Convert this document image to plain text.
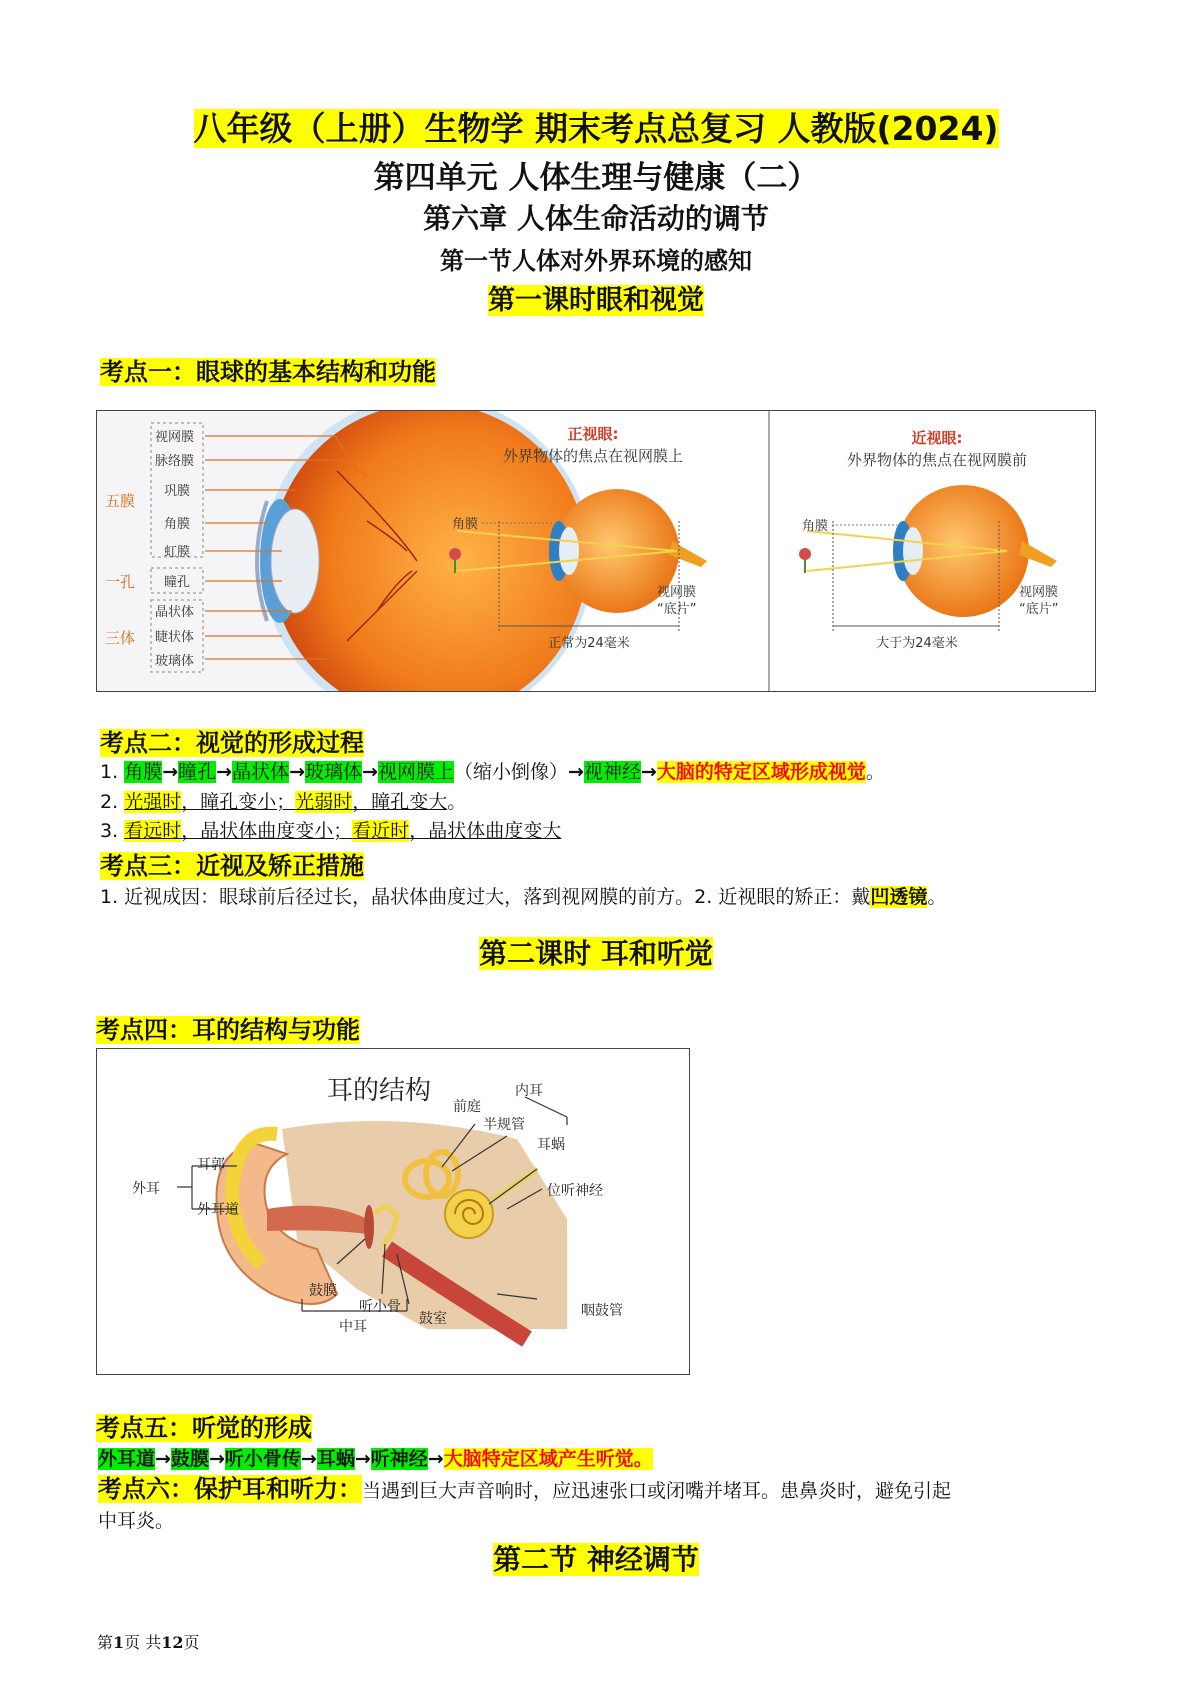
八年级（上册）生物学 期末考点总复习 人教版(2024)
第四单元 人体生理与健康（二）
第六章 人体生命活动的调节
第一节人体对外界环境的感知
第一课时眼和视觉
考点一：眼球的基本结构和功能
五膜
一孔
三体
视网膜
脉络膜
巩膜
角膜
虹膜
瞳孔
晶状体
睫状体
玻璃体
正视眼:
外界物体的焦点在视网膜上
角膜
视网膜
“底片”
正常为24毫米
近视眼:
外界物体的焦点在视网膜前
角膜
视网膜
“底片”
大于为24毫米
考点二：视觉的形成过程
1. 角膜→瞳孔→晶状体→玻璃体→视网膜上（缩小倒像）→视神经→大脑的特定区域形成视觉。
2. 光强时，瞳孔变小；光弱时，瞳孔变大。
3. 看远时，晶状体曲度变小；看近时，晶状体曲度变大
考点三：近视及矫正措施
1. 近视成因：眼球前后径过长，晶状体曲度过大，落到视网膜的前方。2. 近视眼的矫正：戴凹透镜。
第二课时 耳和听觉
考点四：耳的结构与功能
耳的结构	内耳
前庭
半规管
耳蜗
位听神经
外耳
耳郭
外耳道
鼓膜
听小骨
鼓室
中耳
咽鼓管
考点五：听觉的形成
外耳道→鼓膜→听小骨传→耳蜗→听神经→大脑特定区域产生听觉。
考点六：保护耳和听力：当遇到巨大声音响时，应迅速张口或闭嘴并堵耳。患鼻炎时，避免引起
中耳炎。
第二节 神经调节
第1页 共12页
